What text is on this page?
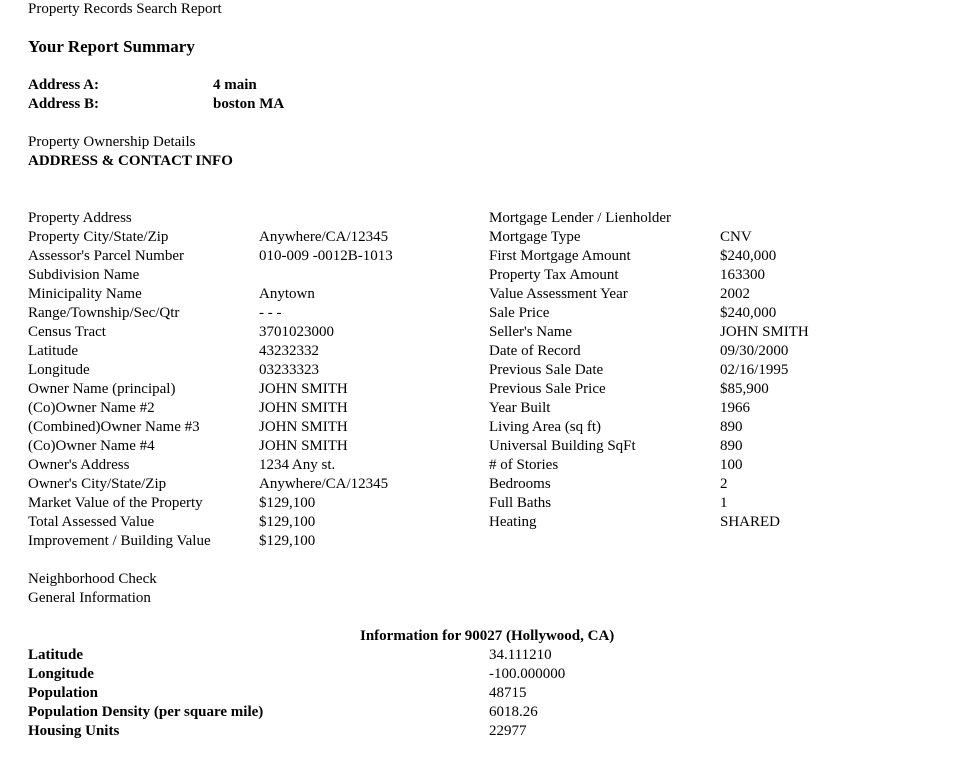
Property Records Search Report
Your Report Summary
Address A:	4 main
Address B:	boston MA
Property Ownership Details
ADDRESS & CONTACT INFO
Property Address
Property City/State/Zip
Assessor's Parcel Number
Subdivision Name
Minicipality Name
Range/Township/Sec/Qtr
Census Tract
Latitude
Longitude
Owner Name (principal)
(Co)Owner Name #2
(Combined)Owner Name #3
(Co)Owner Name #4
Owner's Address
Owner's City/State/Zip
Market Value of the Property
Total Assessed Value
Improvement / Building Value
Anywhere/CA/12345
010-009 -0012B-1013
Anytown
- - -
3701023000
43232332
03233323
JOHN SMITH
JOHN SMITH
JOHN SMITH
JOHN SMITH
1234 Any st.
Anywhere/CA/12345
$129,100
$129,100
$129,100
Mortgage Lender / Lienholder
Mortgage Type
First Mortgage Amount
Property Tax Amount
Value Assessment Year
Sale Price
Seller's Name
Date of Record
Previous Sale Date
Previous Sale Price
Year Built
Living Area (sq ft)
Universal Building SqFt
# of Stories
Bedrooms
Full Baths
Heating
CNV
$240,000
163300
2002
$240,000
JOHN SMITH
09/30/2000
02/16/1995
$85,900
1966
890
890
100
2
1
SHARED
Neighborhood Check
General Information
Information for 90027 (Hollywood, CA)
Latitude
Longitude
Population
Population Density (per square mile)
Housing Units
34.111210
-100.000000
48715
6018.26
22977
